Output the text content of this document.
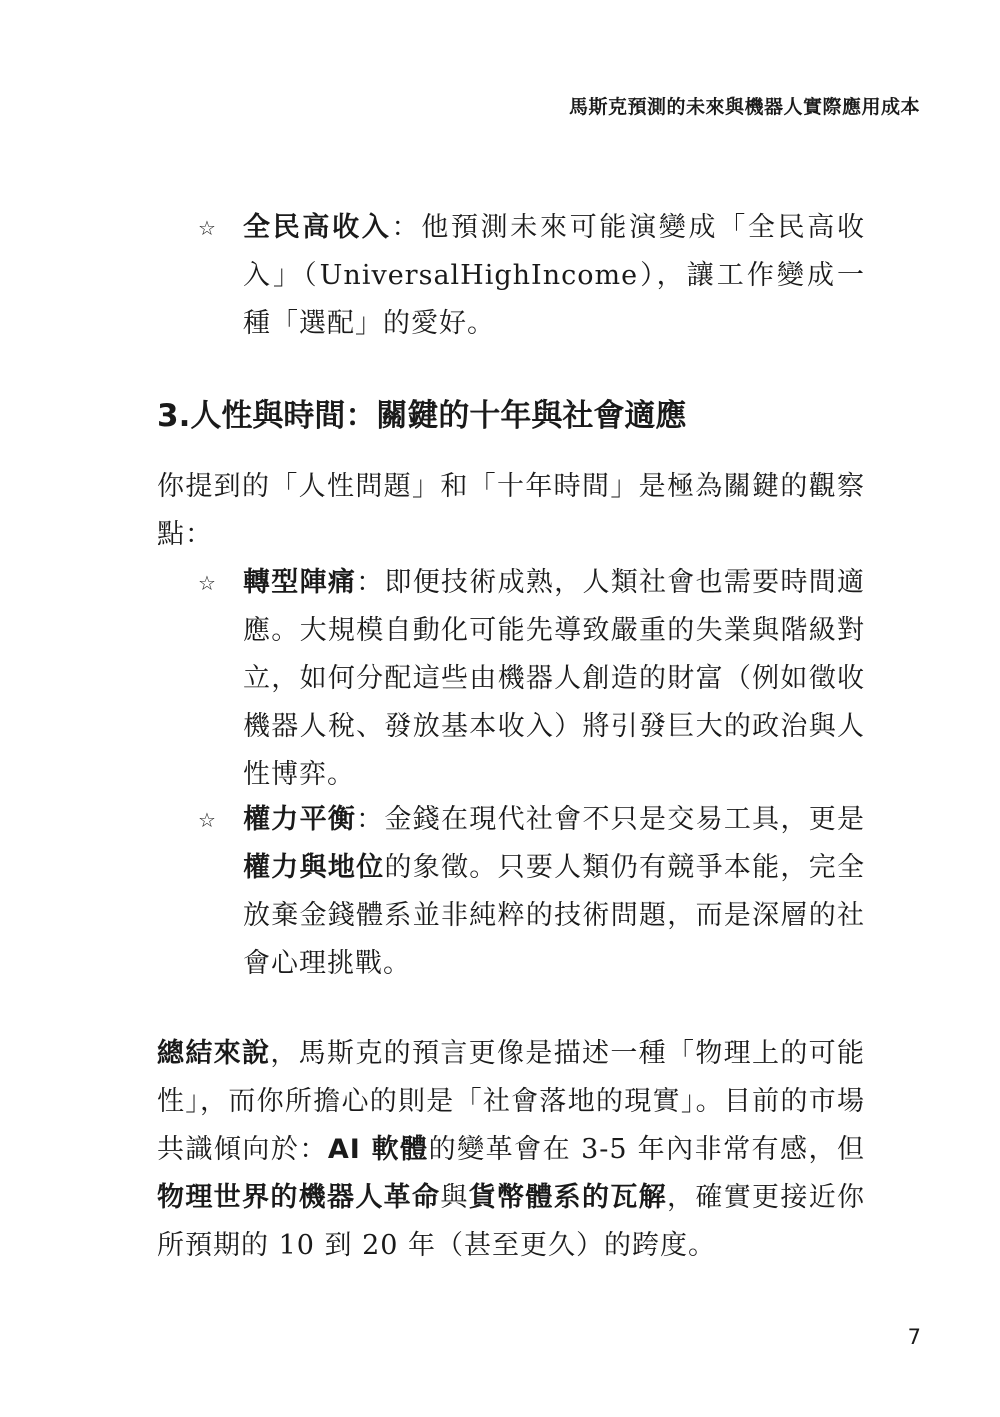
馬斯克預測的未來與機器人實際應用成本
☆ 全民高收入：他預測未來可能演變成「全民高收入」（UniversalHighIncome），讓工作變成一種「選配」的愛好。
3.人性與時間：關鍵的十年與社會適應
你提到的「人性問題」和「十年時間」是極為關鍵的觀察點：
☆ 轉型陣痛：即便技術成熟，人類社會也需要時間適應。大規模自動化可能先導致嚴重的失業與階級對立，如何分配這些由機器人創造的財富（例如徵收機器人稅、發放基本收入）將引發巨大的政治與人性博弈。
☆ 權力平衡：金錢在現代社會不只是交易工具，更是權力與地位的象徵。只要人類仍有競爭本能，完全放棄金錢體系並非純粹的技術問題，而是深層的社會心理挑戰。
總結來說，馬斯克的預言更像是描述一種「物理上的可能性」，而你所擔心的則是「社會落地的現實」。目前的市場共識傾向於：AI 軟體的變革會在 3-5 年內非常有感，但物理世界的機器人革命與貨幣體系的瓦解，確實更接近你所預期的 10 到 20 年（甚至更久）的跨度。
7
